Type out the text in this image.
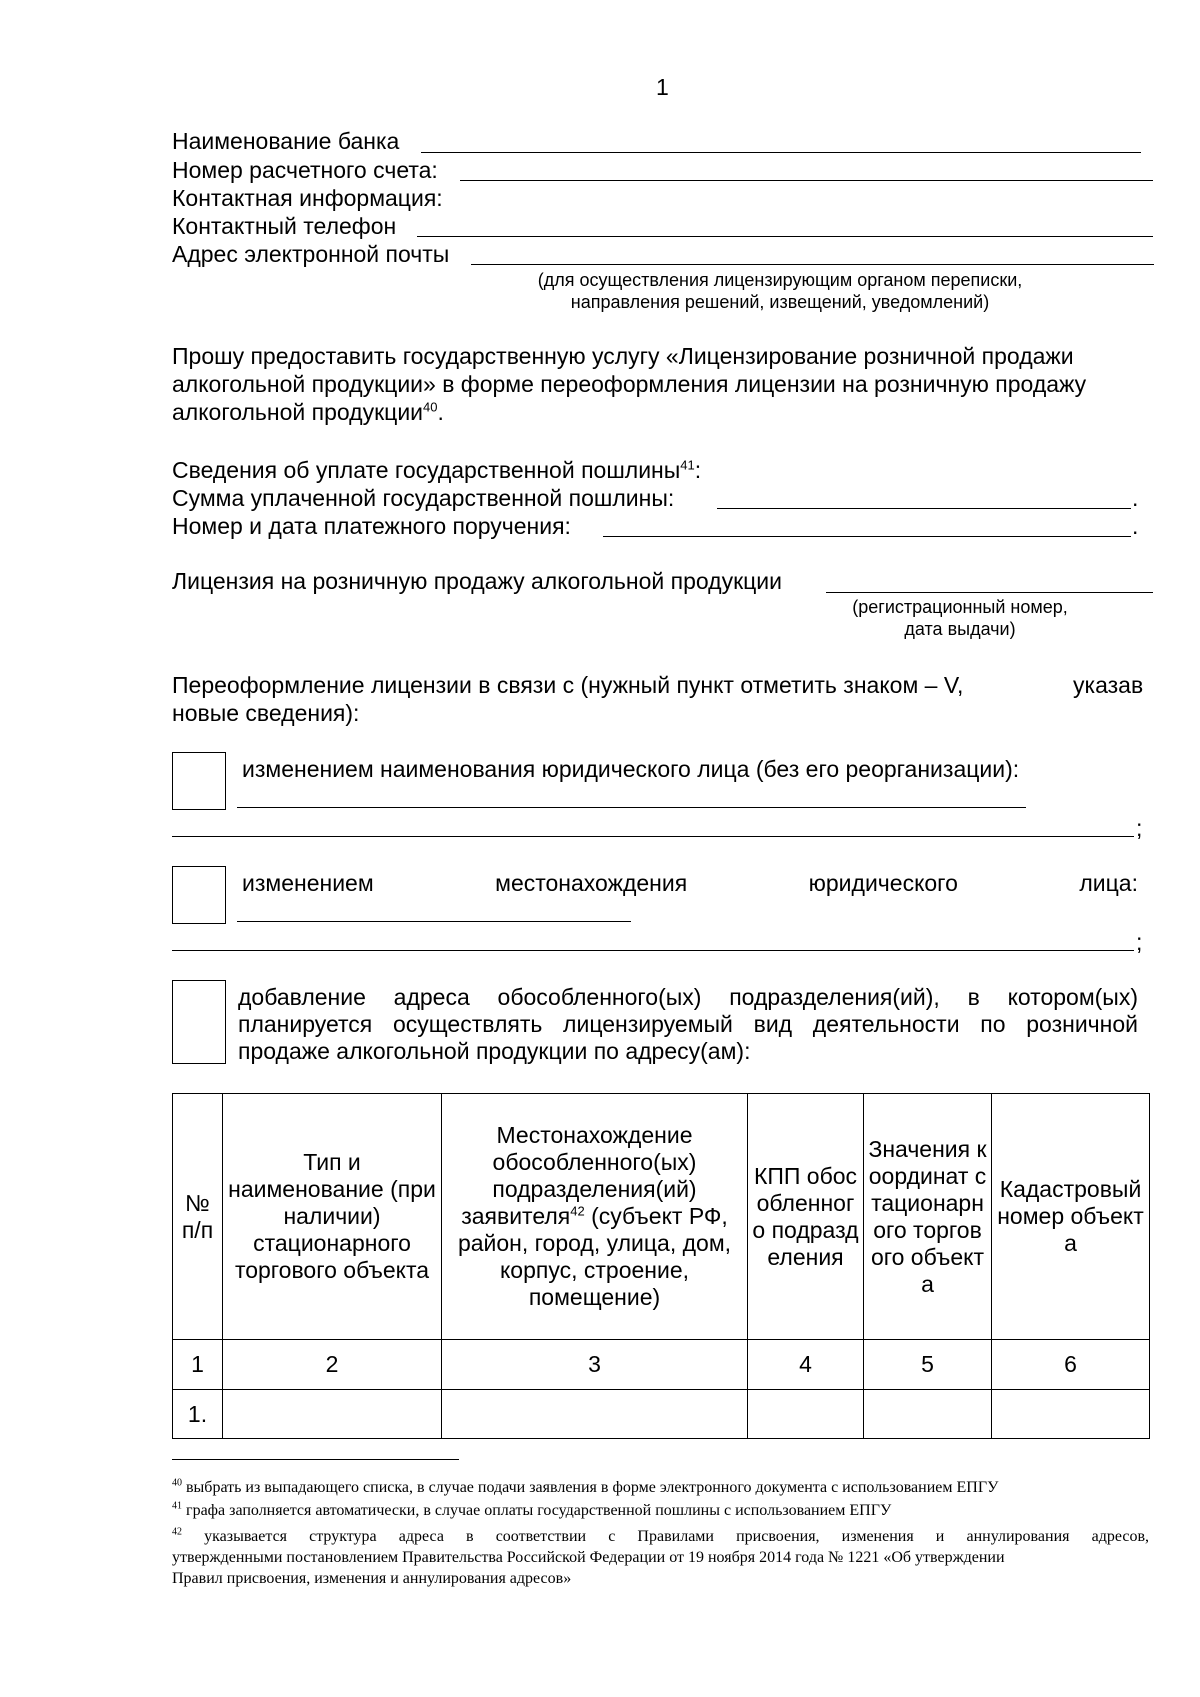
1
Наименование банка
Номер расчетного счета:
Контактная информация:
Контактный телефон
Адрес электронной почты
(для осуществления лицензирующим органом переписки,
направления решений, извещений, уведомлений)
Прошу предоставить государственную услугу «Лицензирование розничной продажи
алкогольной продукции» в форме переоформления лицензии на розничную продажу
алкогольной продукции$^{40}$.
Сведения об уплате государственной пошлины$^{41}$:
Сумма уплаченной государственной пошлины:	.
Номер и дата платежного поручения:	.
Лицензия на розничную продажу алкогольной продукции
(регистрационный номер,
дата выдачи)
Переоформление лицензии в связи с (нужный пункт отметить знаком – V,	указав
новые сведения):
изменением наименования юридического лица (без его реорганизации):
;
изменением	местонахождения	юридического	лица:
;
добавление адреса обособленного(ых) подразделения(ий), в котором(ых)
планируется осуществлять лицензируемый вид деятельности по розничной
продаже алкогольной продукции по адресу(ам):
№ п/п	Тип и наименование (при наличии) стационарного торгового объекта	Местонахождение обособленного(ых) подразделения(ий) заявителя$^{42}$ (субъект РФ, район, город, улица, дом, корпус, строение, помещение)	КПП обособленного подразделения	Значения координат стационарного торгового объекта	Кадастровый номер объекта
1	2	3	4	5	6
1.					
$^{40}$ выбрать из выпадающего списка, в случае подачи заявления в форме электронного документа с использованием ЕПГУ
$^{41}$ графа заполняется автоматически, в случае оплаты государственной пошлины с использованием ЕПГУ
$^{42}$ указывается структура адреса в соответствии с Правилами присвоения, изменения и аннулирования адресов,
утвержденными постановлением Правительства Российской Федерации от 19 ноября 2014 года № 1221 «Об утверждении
Правил присвоения, изменения и аннулирования адресов»
